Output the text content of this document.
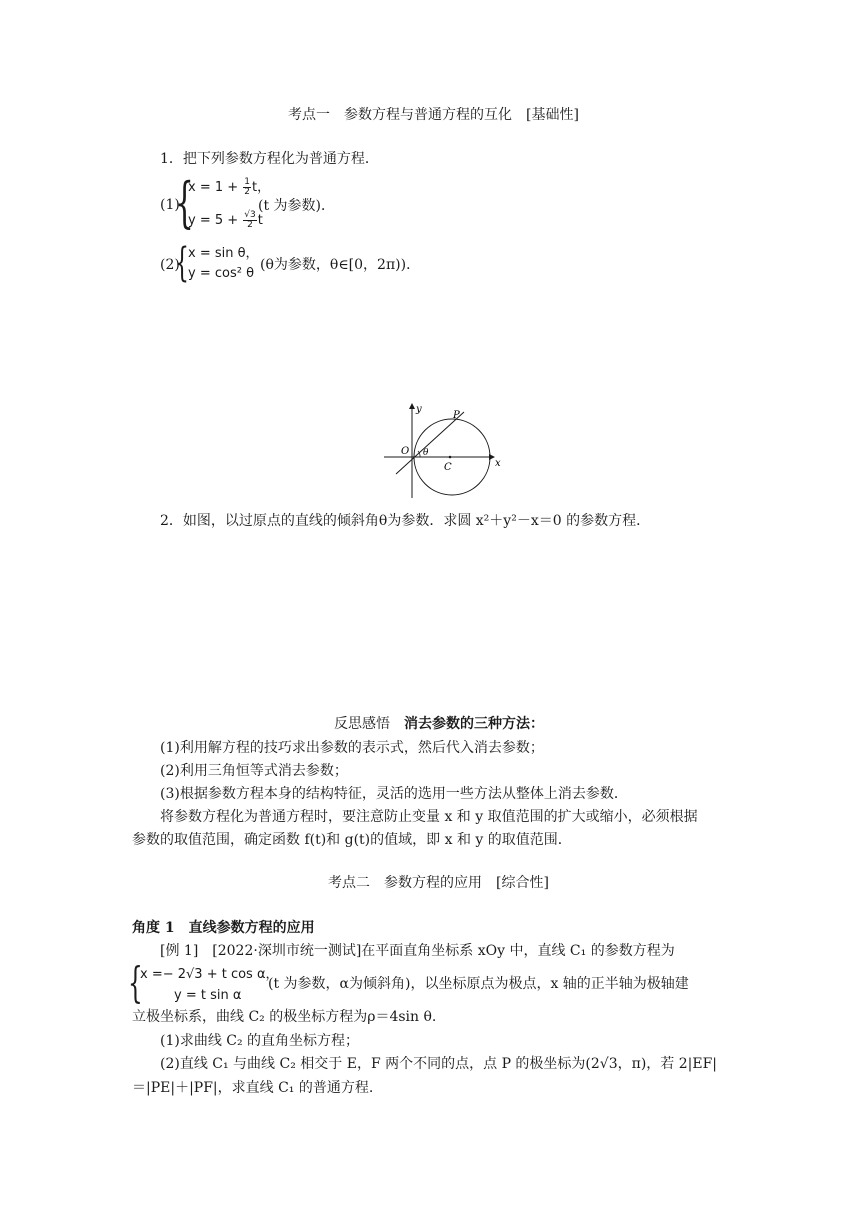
考点一　参数方程与普通方程的互化　[基础性]
1．把下列参数方程化为普通方程．
(1)
{
$x = 1 + \frac{1}{2}$ t，
$y = 5 + \frac{√3}{2}$ t
(t 为参数)．
(2)
{ x = sin θ，
y = cos² θ
(θ为参数，θ∈[0，2π))．
y
x
O
P
θ
C
2．如图，以过原点的直线的倾斜角θ为参数．求圆 x²＋y²－x＝0 的参数方程．
反思感悟　消去参数的三种方法：
(1)利用解方程的技巧求出参数的表示式，然后代入消去参数；
(2)利用三角恒等式消去参数；
(3)根据参数方程本身的结构特征，灵活的选用一些方法从整体上消去参数．
将参数方程化为普通方程时，要注意防止变量 x 和 y 取值范围的扩大或缩小，必须根据
参数的取值范围，确定函数 f(t)和 g(t)的值域，即 x 和 y 的取值范围．
考点二　参数方程的应用　[综合性]
角度 1　直线参数方程的应用
[例 1]　[2022·深圳市统一测试]在平面直角坐标系 xOy 中，直线 C₁ 的参数方程为
{
x =− 2√3 + t cos α，
y = t sin α
(t 为参数，α为倾斜角)，以坐标原点为极点，x 轴的正半轴为极轴建
立极坐标系，曲线 C₂ 的极坐标方程为ρ＝4sin θ.
(1)求曲线 C₂ 的直角坐标方程；
(2)直线 C₁ 与曲线 C₂ 相交于 E，F 两个不同的点，点 P 的极坐标为(2√3，π)，若 2|EF|
＝|PE|＋|PF|，求直线 C₁ 的普通方程.
